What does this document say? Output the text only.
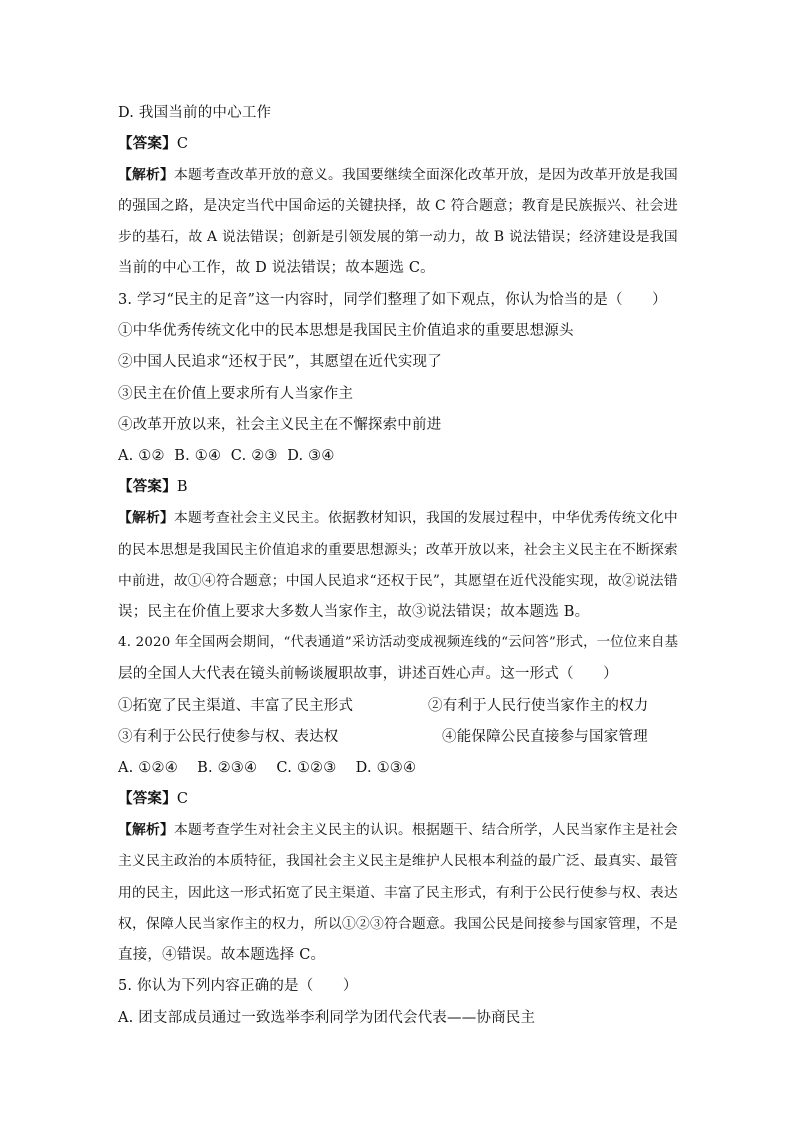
D. 我国当前的中心工作
【答案】C
【解析】本题考查改革开放的意义。我国要继续全面深化改革开放，是因为改革开放是我国
的强国之路，是决定当代中国命运的关键抉择，故 C 符合题意；教育是民族振兴、社会进
步的基石，故 A 说法错误；创新是引领发展的第一动力，故 B 说法错误；经济建设是我国
当前的中心工作，故 D 说法错误；故本题选 C。
3. 学习“民主的足音”这一内容时，同学们整理了如下观点，你认为恰当的是（　　）
①中华优秀传统文化中的民本思想是我国民主价值追求的重要思想源头
②中国人民追求“还权于民”，其愿望在近代实现了
③民主在价值上要求所有人当家作主
④改革开放以来，社会主义民主在不懈探索中前进
A. ①②  B. ①④  C. ②③  D. ③④
【答案】B
【解析】本题考查社会主义民主。依据教材知识，我国的发展过程中，中华优秀传统文化中
的民本思想是我国民主价值追求的重要思想源头；改革开放以来，社会主义民主在不断探索
中前进，故①④符合题意；中国人民追求“还权于民”，其愿望在近代没能实现，故②说法错
误；民主在价值上要求大多数人当家作主，故③说法错误；故本题选 B。
4. 2020 年全国两会期间，“代表通道”采访活动变成视频连线的“云问答”形式，一位位来自基
层的全国人大代表在镜头前畅谈履职故事，讲述百姓心声。这一形式（　　）
①拓宽了民主渠道、丰富了民主形式	②有利于人民行使当家作主的权力
③有利于公民行使参与权、表达权	④能保障公民直接参与国家管理
A. ①②④    B. ②③④    C. ①②③    D. ①③④
【答案】C
【解析】本题考查学生对社会主义民主的认识。根据题干、结合所学，人民当家作主是社会
主义民主政治的本质特征，我国社会主义民主是维护人民根本利益的最广泛、最真实、最管
用的民主，因此这一形式拓宽了民主渠道、丰富了民主形式，有利于公民行使参与权、表达
权，保障人民当家作主的权力，所以①②③符合题意。我国公民是间接参与国家管理，不是
直接，④错误。故本题选择 C。
5. 你认为下列内容正确的是（　　）
A. 团支部成员通过一致选举李利同学为团代会代表——协商民主
